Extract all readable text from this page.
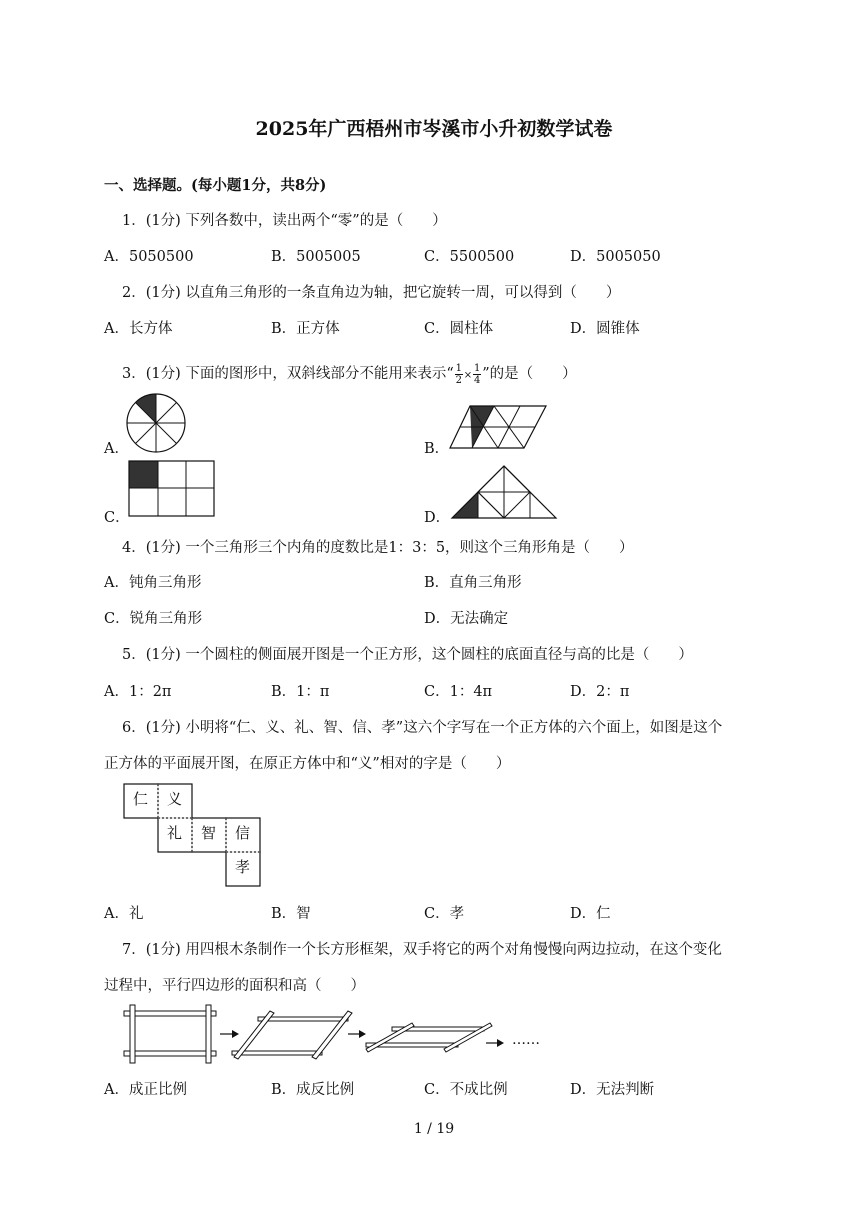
2025年广西梧州市岑溪市小升初数学试卷
一、选择题。(每小题1分，共8分)
1．(1分) 下列各数中，读出两个“零”的是（　　）
A．5050500	B．5005005	C．5500500	D．5005050
2．(1分) 以直角三角形的一条直角边为轴，把它旋转一周，可以得到（　　）
A．长方体	B．正方体	C．圆柱体	D．圆锥体
3．(1分) 下面的图形中，双斜线部分不能用来表示“ $\frac{1}{2} \times \frac{1}{4}$ ”的是（　　）
A．	B．
C．	D．
4．(1分) 一个三角形三个内角的度数比是1：3：5，则这个三角形角是（　　）
A．钝角三角形	B．直角三角形
C．锐角三角形	D．无法确定
5．(1分) 一个圆柱的侧面展开图是一个正方形，这个圆柱的底面直径与高的比是（　　）
A．1：2π	B．1：π	C．1：4π	D．2：π
6．(1分) 小明将“仁、义、礼、智、信、孝”这六个字写在一个正方体的六个面上，如图是这个
正方体的平面展开图，在原正方体中和“义”相对的字是（　　）
仁 义
礼 智 信
孝
A．礼	B．智	C．孝	D．仁
7．(1分) 用四根木条制作一个长方形框架，双手将它的两个对角慢慢向两边拉动，在这个变化
过程中，平行四边形的面积和高（　　）
……
A．成正比例	B．成反比例	C．不成比例	D．无法判断
1 / 19
